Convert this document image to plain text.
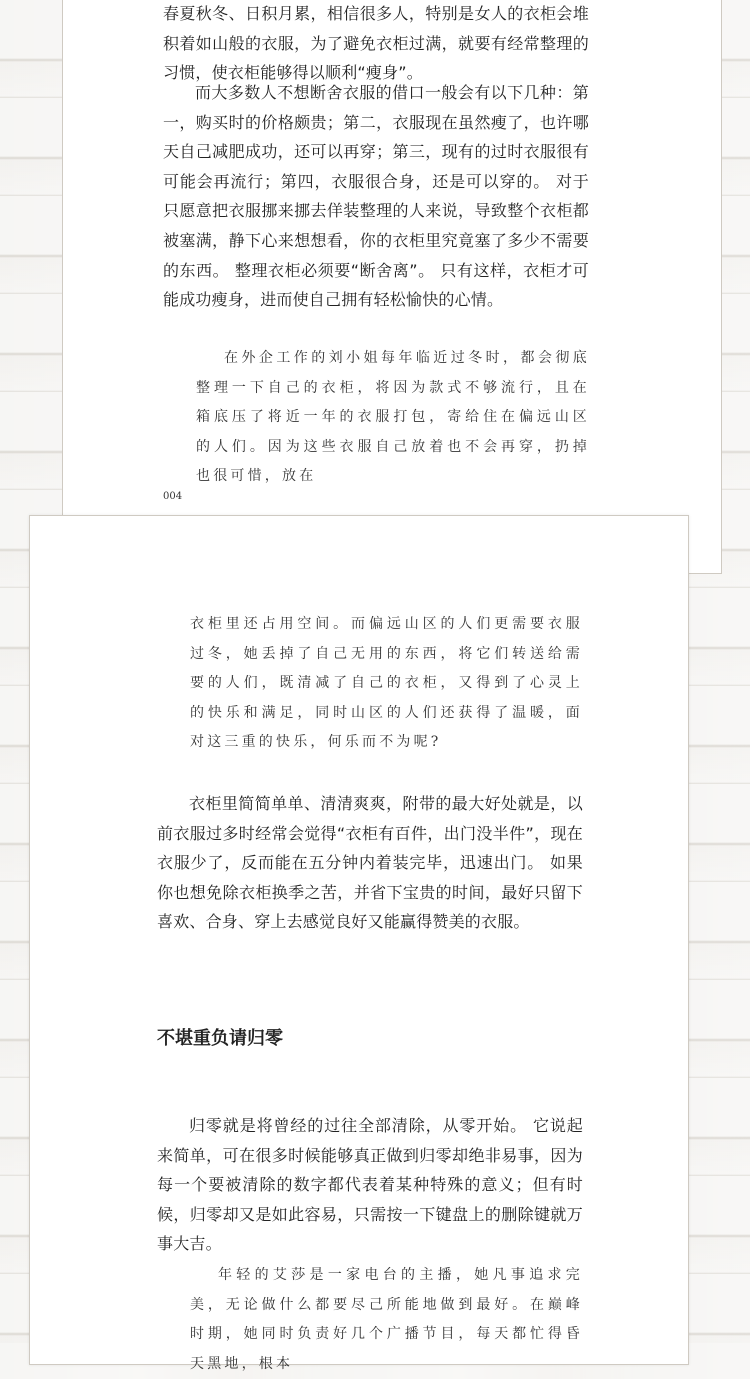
春夏秋冬、日积月累，相信很多人，特别是女人的衣柜会堆积着如山般的衣服，为了避免衣柜过满，就要有经常整理的习惯，使衣柜能够得以顺利“瘦身”。

而大多数人不想断舍衣服的借口一般会有以下几种：第一，购买时的价格颇贵；第二，衣服现在虽然瘦了，也许哪天自己减肥成功，还可以再穿；第三，现有的过时衣服很有可能会再流行；第四，衣服很合身，还是可以穿的。 对于只愿意把衣服挪来挪去佯装整理的人来说，导致整个衣柜都被塞满，静下心来想想看，你的衣柜里究竟塞了多少不需要的东西。 整理衣柜必须要“断舍离”。 只有这样，衣柜才可能成功瘦身，进而使自己拥有轻松愉快的心情。

在外企工作的刘小姐每年临近过冬时，都会彻底整理一下自己的衣柜，将因为款式不够流行，且在箱底压了将近一年的衣服打包，寄给住在偏远山区的人们。因为这些衣服自己放着也不会再穿，扔掉也很可惜，放在

004

衣柜里还占用空间。而偏远山区的人们更需要衣服过冬，她丢掉了自己无用的东西，将它们转送给需要的人们，既清减了自己的衣柜，又得到了心灵上的快乐和满足，同时山区的人们还获得了温暖，面对这三重的快乐，何乐而不为呢?

衣柜里简简单单、清清爽爽，附带的最大好处就是，以前衣服过多时经常会觉得“衣柜有百件，出门没半件”，现在衣服少了，反而能在五分钟内着装完毕，迅速出门。 如果你也想免除衣柜换季之苦，并省下宝贵的时间，最好只留下喜欢、合身、穿上去感觉良好又能赢得赞美的衣服。

不堪重负请归零

归零就是将曾经的过往全部清除，从零开始。 它说起来简单，可在很多时候能够真正做到归零却绝非易事，因为每一个要被清除的数字都代表着某种特殊的意义；但有时候，归零却又是如此容易，只需按一下键盘上的删除键就万事大吉。

年轻的艾莎是一家电台的主播，她凡事追求完美，无论做什么都要尽己所能地做到最好。在巅峰时期，她同时负责好几个广播节目，每天都忙得昏天黑地，根本
